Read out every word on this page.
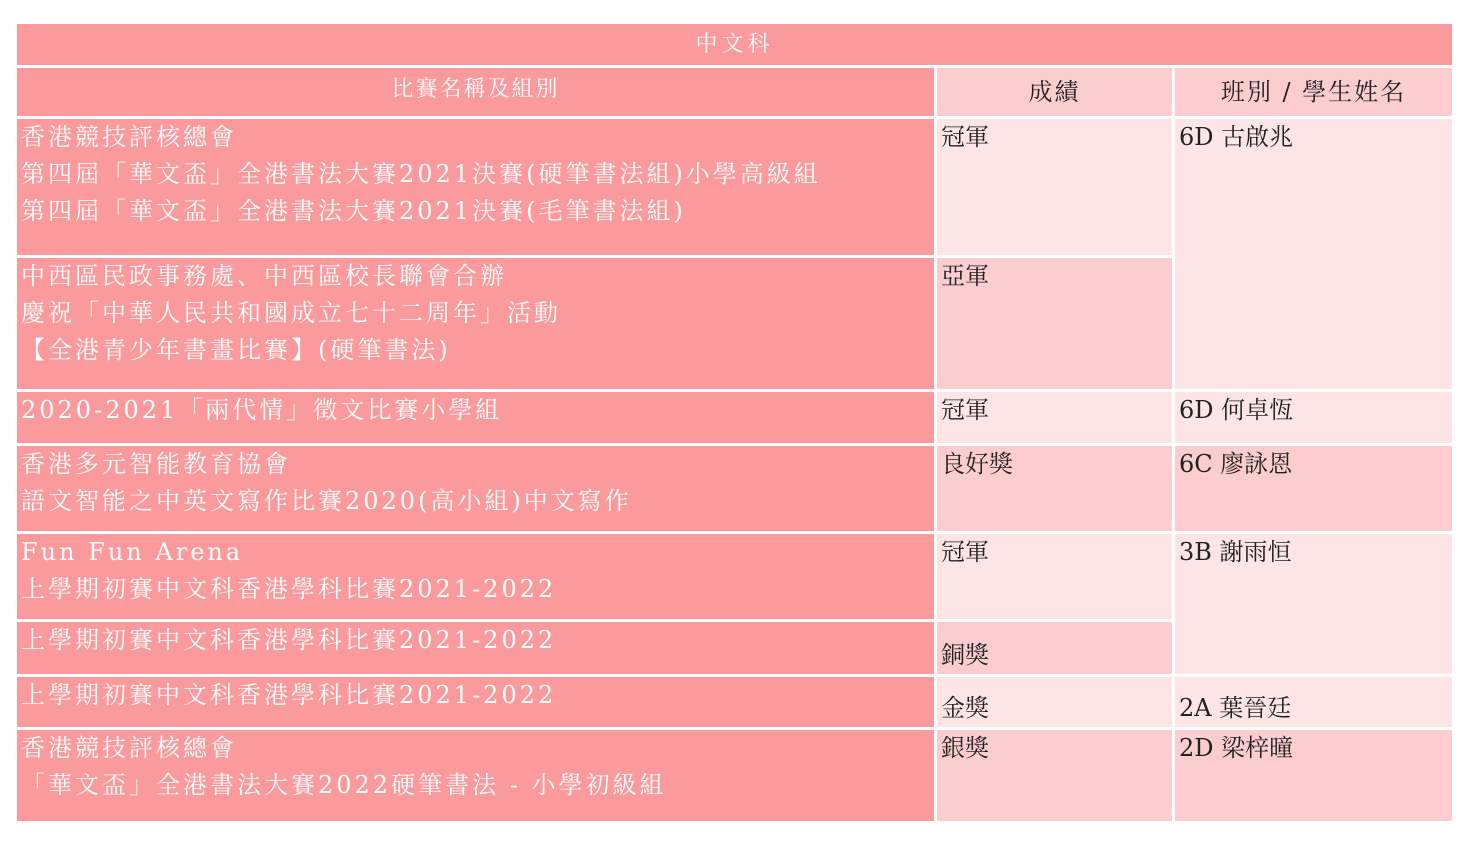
中文科		
比賽名稱及組別	成績	班別 / 學生姓名

香港競技評核總會
第四屆「華文盃」全港書法大賽2021決賽(硬筆書法組)小學高級組
第四屆「華文盃」全港書法大賽2021決賽(毛筆書法組)	冠軍	6D 古啟兆

中西區民政事務處、中西區校長聯會合辦
慶祝「中華人民共和國成立七十二周年」活動
【全港青少年書畫比賽】(硬筆書法)	亞軍	

2020-2021「兩代情」徵文比賽小學組	冠軍	6D 何卓恆

香港多元智能教育協會
語文智能之中英文寫作比賽2020(高小組)中文寫作	良好獎	6C 廖詠恩

Fun Fun Arena
上學期初賽中文科香港學科比賽2021-2022	冠軍	3B 謝雨恒

上學期初賽中文科香港學科比賽2021-2022	銅獎	

上學期初賽中文科香港學科比賽2021-2022	金獎	2A 葉晉廷

香港競技評核總會
「華文盃」全港書法大賽2022硬筆書法 - 小學初級組	銀獎	2D 梁梓曈
